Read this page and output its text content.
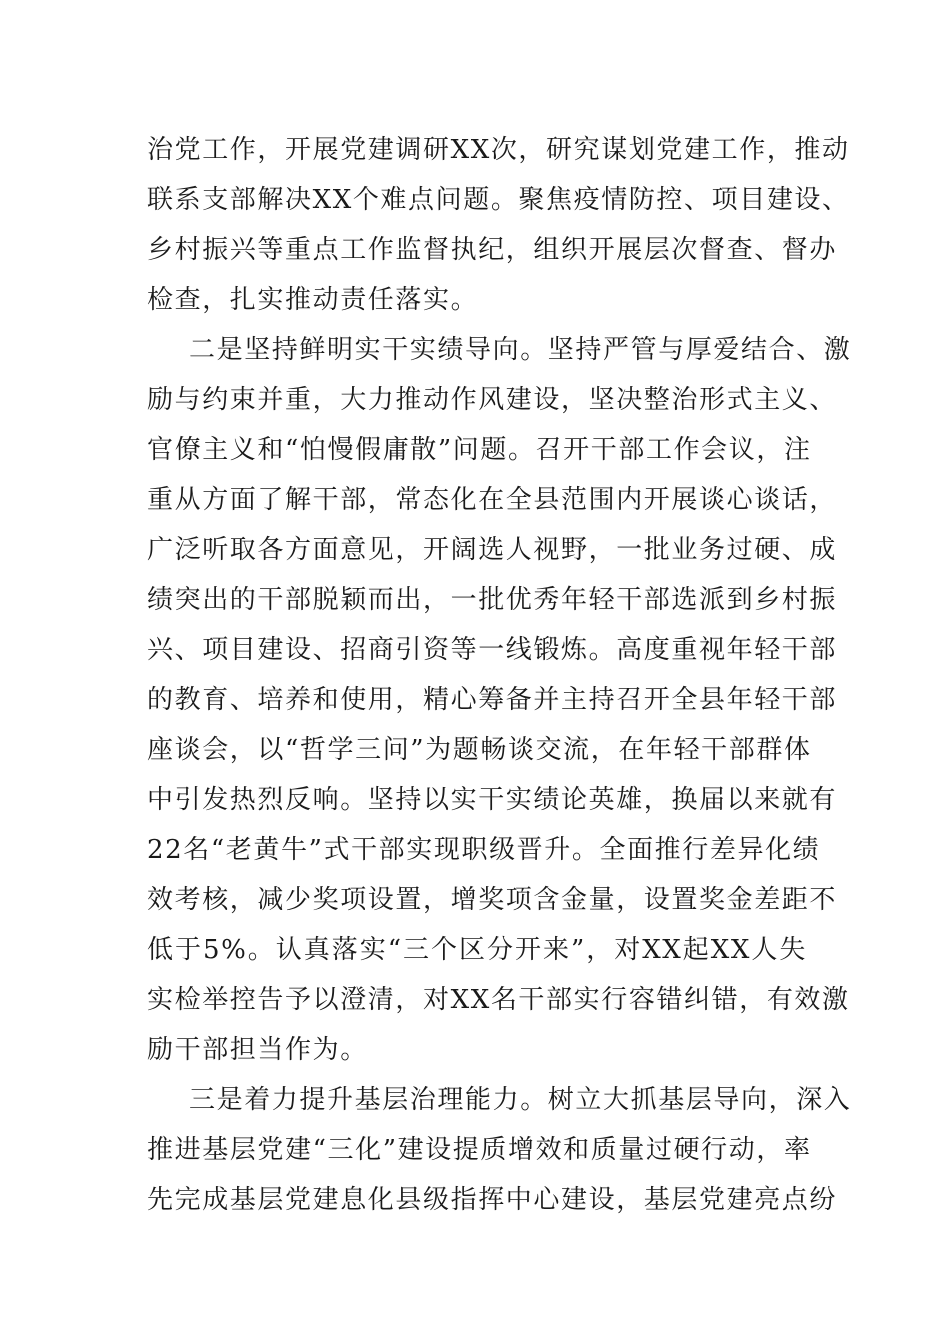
治党工作，开展党建调研XX次，研究谋划党建工作，推动
联系支部解决XX个难点问题。聚焦疫情防控、项目建设、
乡村振兴等重点工作监督执纪，组织开展层次督查、督办
检查，扎实推动责任落实。
二是坚持鲜明实干实绩导向。坚持严管与厚爱结合、激
励与约束并重，大力推动作风建设，坚决整治形式主义、
官僚主义和“怕慢假庸散”问题。召开干部工作会议，注
重从方面了解干部，常态化在全县范围内开展谈心谈话，
广泛听取各方面意见，开阔选人视野，一批业务过硬、成
绩突出的干部脱颖而出，一批优秀年轻干部选派到乡村振
兴、项目建设、招商引资等一线锻炼。高度重视年轻干部
的教育、培养和使用，精心筹备并主持召开全县年轻干部
座谈会，以“哲学三问”为题畅谈交流，在年轻干部群体
中引发热烈反响。坚持以实干实绩论英雄，换届以来就有
22名“老黄牛”式干部实现职级晋升。全面推行差异化绩
效考核，减少奖项设置，增奖项含金量，设置奖金差距不
低于5%。认真落实“三个区分开来”，对XX起XX人失
实检举控告予以澄清，对XX名干部实行容错纠错，有效激
励干部担当作为。
三是着力提升基层治理能力。树立大抓基层导向，深入
推进基层党建“三化”建设提质增效和质量过硬行动，率
先完成基层党建息化县级指挥中心建设，基层党建亮点纷
